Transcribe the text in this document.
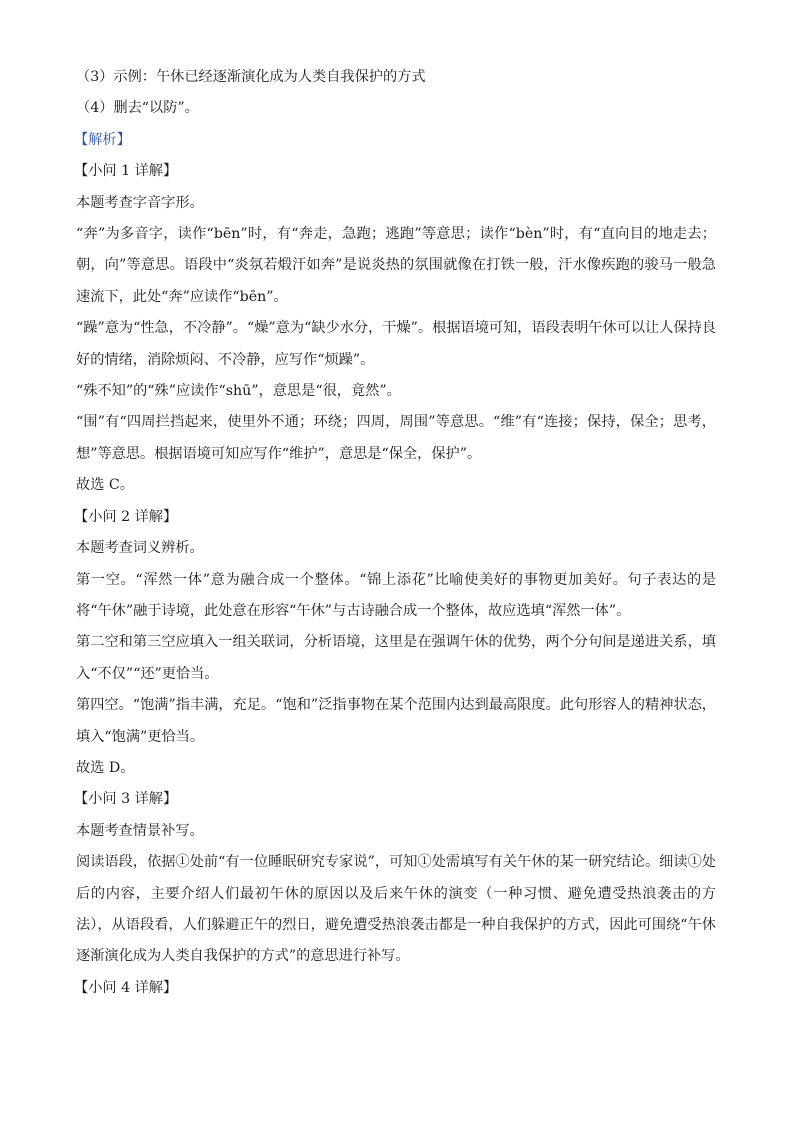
（3）示例：午休已经逐渐演化成为人类自我保护的方式
（4）删去“以防”。
【解析】
【小问 1 详解】
本题考查字音字形。
“奔”为多音字，读作“bēn”时，有“奔走，急跑；逃跑”等意思；读作“bèn”时，有“直向目的地走去；朝，向”等意思。语段中“炎氛若煅汗如奔”是说炎热的氛围就像在打铁一般，汗水像疾跑的骏马一般急速流下，此处“奔”应读作“bēn”。
“躁”意为“性急，不冷静”。“燥”意为“缺少水分，干燥”。根据语境可知，语段表明午休可以让人保持良好的情绪，消除烦闷、不冷静，应写作“烦躁”。
“殊不知”的“殊”应读作“shū”，意思是“很，竟然”。
“围”有“四周拦挡起来，使里外不通；环绕；四周，周围”等意思。“维”有“连接；保持，保全；思考，想”等意思。根据语境可知应写作“维护”，意思是“保全，保护”。
故选 C。
【小问 2 详解】
本题考查词义辨析。
第一空。“浑然一体”意为融合成一个整体。“锦上添花”比喻使美好的事物更加美好。句子表达的是将“午休”融于诗境，此处意在形容“午休”与古诗融合成一个整体，故应选填“浑然一体”。
第二空和第三空应填入一组关联词，分析语境，这里是在强调午休的优势，两个分句间是递进关系，填入“不仅”“还”更恰当。
第四空。“饱满”指丰满，充足。“饱和”泛指事物在某个范围内达到最高限度。此句形容人的精神状态，填入“饱满”更恰当。
故选 D。
【小问 3 详解】
本题考查情景补写。
阅读语段，依据①处前“有一位睡眠研究专家说”，可知①处需填写有关午休的某一研究结论。细读①处后的内容，主要介绍人们最初午休的原因以及后来午休的演变（一种习惯、避免遭受热浪袭击的方法），从语段看，人们躲避正午的烈日，避免遭受热浪袭击都是一种自我保护的方式，因此可围绕“午休逐渐演化成为人类自我保护的方式”的意思进行补写。
【小问 4 详解】
